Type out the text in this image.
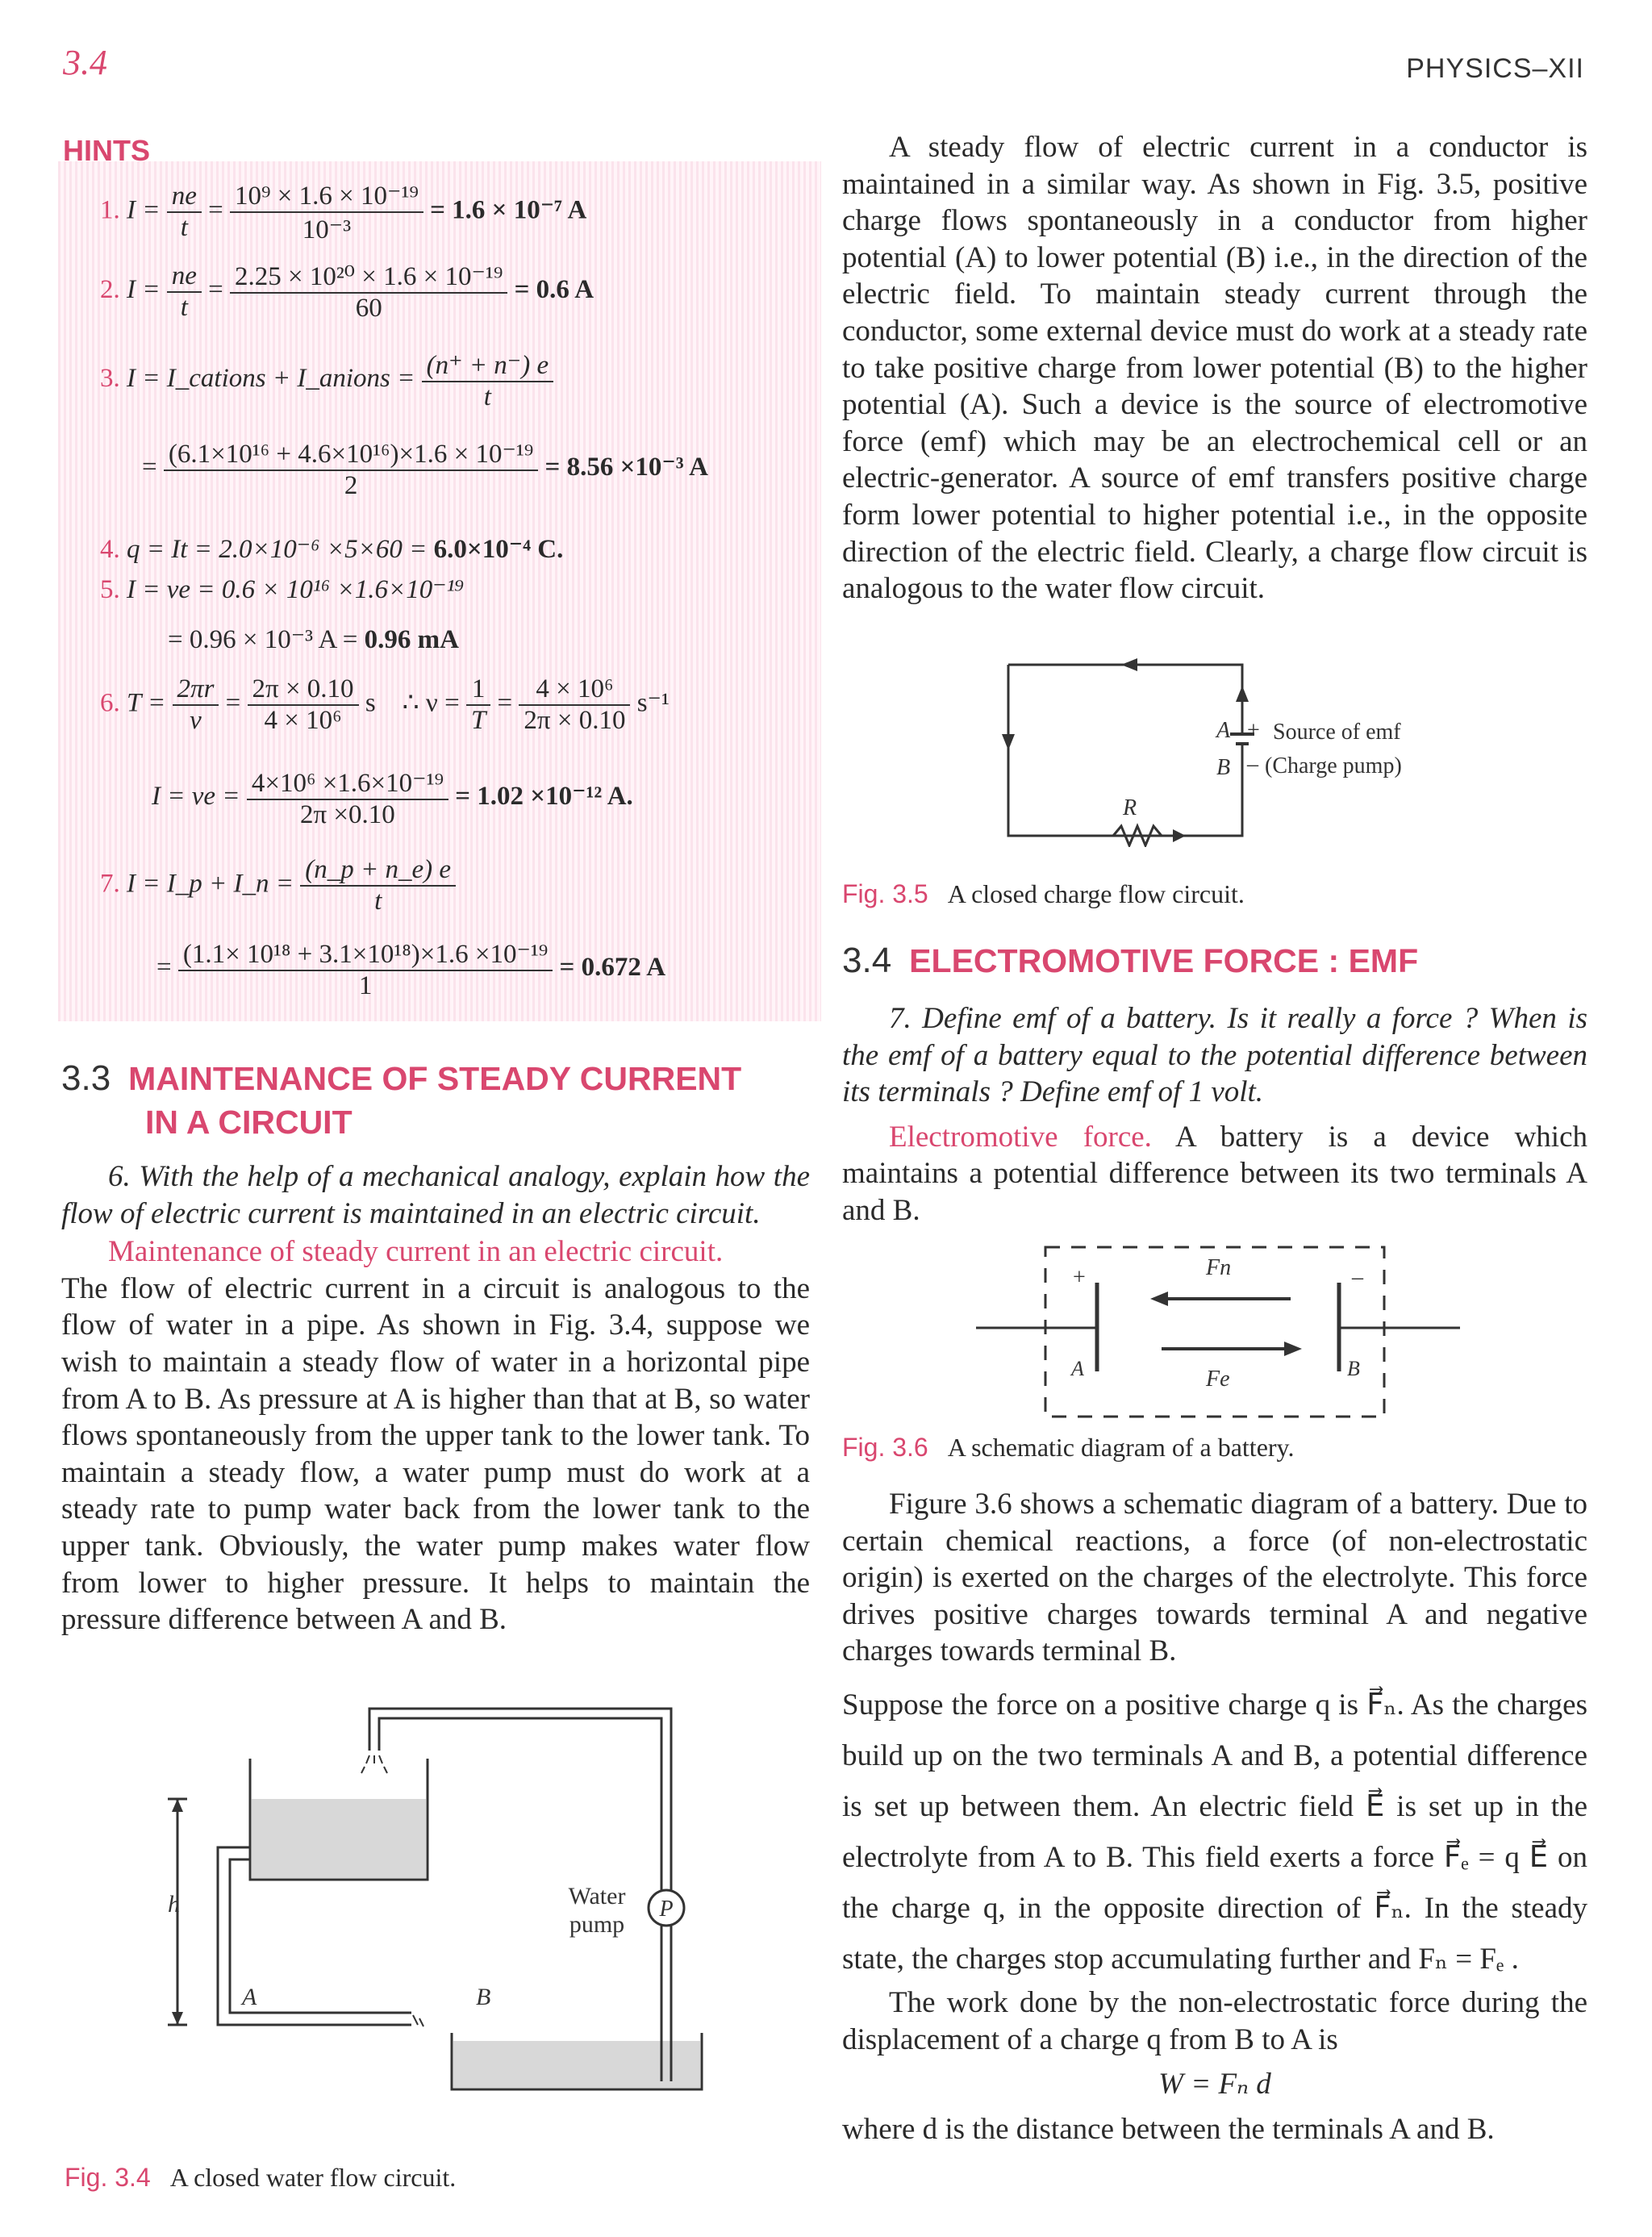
3.4	PHYSICS–XII
HINTS
1. $I = \frac{ne}{t} = \frac{\text{10⁹ × 1.6 × 10⁻¹⁹}}{\text{10⁻³}} = 1.6 \times 10^{-7}$ A
2. $I = \frac{ne}{t} = \frac{\text{2.25 × 10²⁰ × 1.6 × 10⁻¹⁹}}{60} = 0.6$ A
3. I = I_cations + I_anions = $\frac{(n^+ + n^-) e}{t}$
= $\frac{\text{(6.1×10¹⁶ + 4.6×10¹⁶)×1.6 × 10⁻¹⁹}}{2} = 8.56 \times 10^{-3}$ A
4. q = It = 2.0×10⁻⁶ ×5×60 = 6.0×10⁻⁴ C.
5. I = ve = 0.6 × 10¹⁶ ×1.6×10⁻¹⁹
= 0.96 × 10⁻³ A = 0.96 mA
6. $T = \frac{2\pi r}{v} = \frac{2\pi \times 0.10}{\text{4 × 10⁶}}$ s ∴ $\nu = \frac{1}{T} = \frac{\text{4 × 10⁶}}{2\pi \times 0.10} s^{-1}$
I = ve = $\frac{\text{4×10⁶ ×1.6×10⁻¹⁹}}{2\pi \times 0.10} = 1.02 \times 10^{-12}$ A.
7. I = I_p + I_n = $\frac{(n\_p + n\_e) e}{t}$
= $\frac{\text{(1.1× 10¹⁸ + 3.1×10¹⁸)×1.6 ×10⁻¹⁹}}{1} = 0.672$ A
3.3 MAINTENANCE OF STEADY CURRENT
IN A CIRCUIT

6. With the help of a mechanical analogy, explain how the flow of electric current is maintained in an electric circuit.

Maintenance of steady current in an electric circuit.

The flow of electric current in a circuit is analogous to the flow of water in a pipe. As shown in Fig. 3.4, suppose we wish to maintain a steady flow of water in a horizontal pipe from A to B. As pressure at A is higher than that at B, so water flows spontaneously from the upper tank to the lower tank. To maintain a steady flow, a water pump must do work at a steady rate to pump water back from the lower tank to the upper tank. Obviously, the water pump makes water flow from lower to higher pressure. It helps to maintain the pressure difference between A and B.

P
Water
pump
h
A	B
Fig. 3.4 A closed water flow circuit.

A steady flow of electric current in a conductor is maintained in a similar way. As shown in Fig. 3.5, positive charge flows spontaneously in a conductor from higher potential (A) to lower potential (B) i.e., in the direction of the electric field. To maintain steady current through the conductor, some external device must do work at a steady rate to take positive charge from lower potential (B) to the higher potential (A). Such a device is the source of electromotive force (emf) which may be an electrochemical cell or an electric-generator. A source of emf transfers positive charge form lower potential to higher potential i.e., in the opposite direction of the electric field. Clearly, a charge flow circuit is analogous to the water flow circuit.

A
B
+
–
Source of emf
(Charge pump)
R
Fig. 3.5 A closed charge flow circuit.
3.4 ELECTROMOTIVE FORCE : EMF

7. Define emf of a battery. Is it really a force ? When is the emf of a battery equal to the potential difference between its terminals ? Define emf of 1 volt.

Electromotive force. A battery is a device which maintains a potential difference between its two terminals A and B.

+	–
A	B
Fn
Fe
Fig. 3.6 A schematic diagram of a battery.

Figure 3.6 shows a schematic diagram of a battery. Due to certain chemical reactions, a force (of non-electrostatic origin) is exerted on the charges of the electrolyte. This force drives positive charges towards terminal A and negative charges towards terminal B.

Suppose the force on a positive charge q is F⃗ₙ. As the charges build up on the two terminals A and B, a potential difference is set up between them. An electric field E⃗ is set up in the electrolyte from A to B. This field exerts a force F⃗ₑ = q E⃗ on the charge q, in the opposite direction of F⃗ₙ. In the steady state, the charges stop accumulating further and Fₙ = Fₑ .

The work done by the non-electrostatic force during the displacement of a charge q from B to A is

W = Fₙ d

where d is the distance between the terminals A and B.
